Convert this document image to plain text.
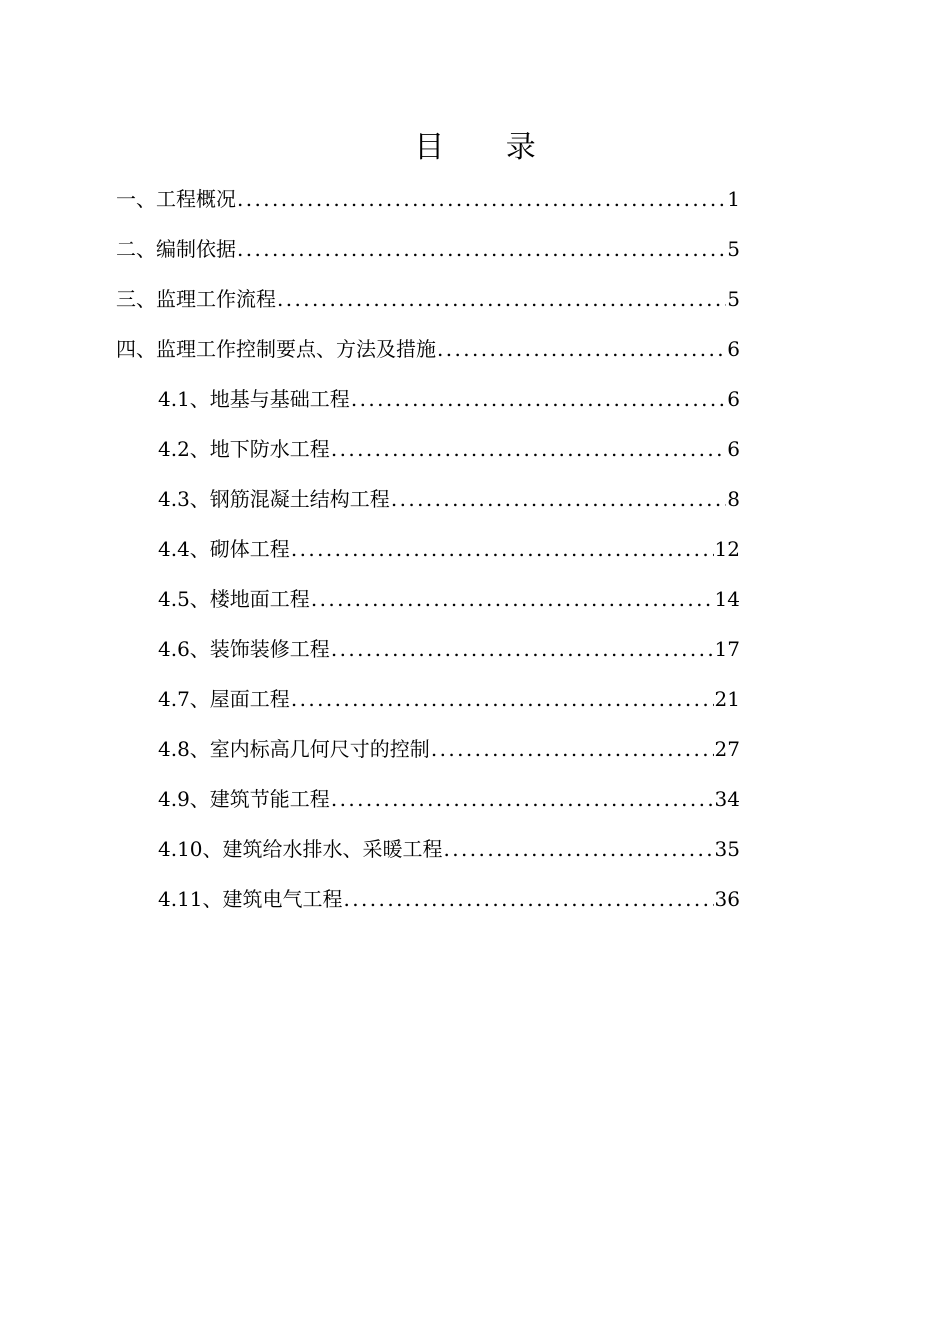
目 录
一、工程概况 .....	1
二、编制依据 .....	5
三、监理工作流程 .....	5
四、监理工作控制要点、方法及措施 .....	6
4.1、地基与基础工程 .....	6
4.2、地下防水工程 .....	6
4.3、钢筋混凝土结构工程 .....	8
4.4、砌体工程 .....	12
4.5、楼地面工程 .....	14
4.6、装饰装修工程 .....	17
4.7、屋面工程 .....	21
4.8、室内标高几何尺寸的控制 .....	27
4.9、建筑节能工程 .....	34
4.10、建筑给水排水、采暖工程 .....	35
4.11、建筑电气工程 .....	36
